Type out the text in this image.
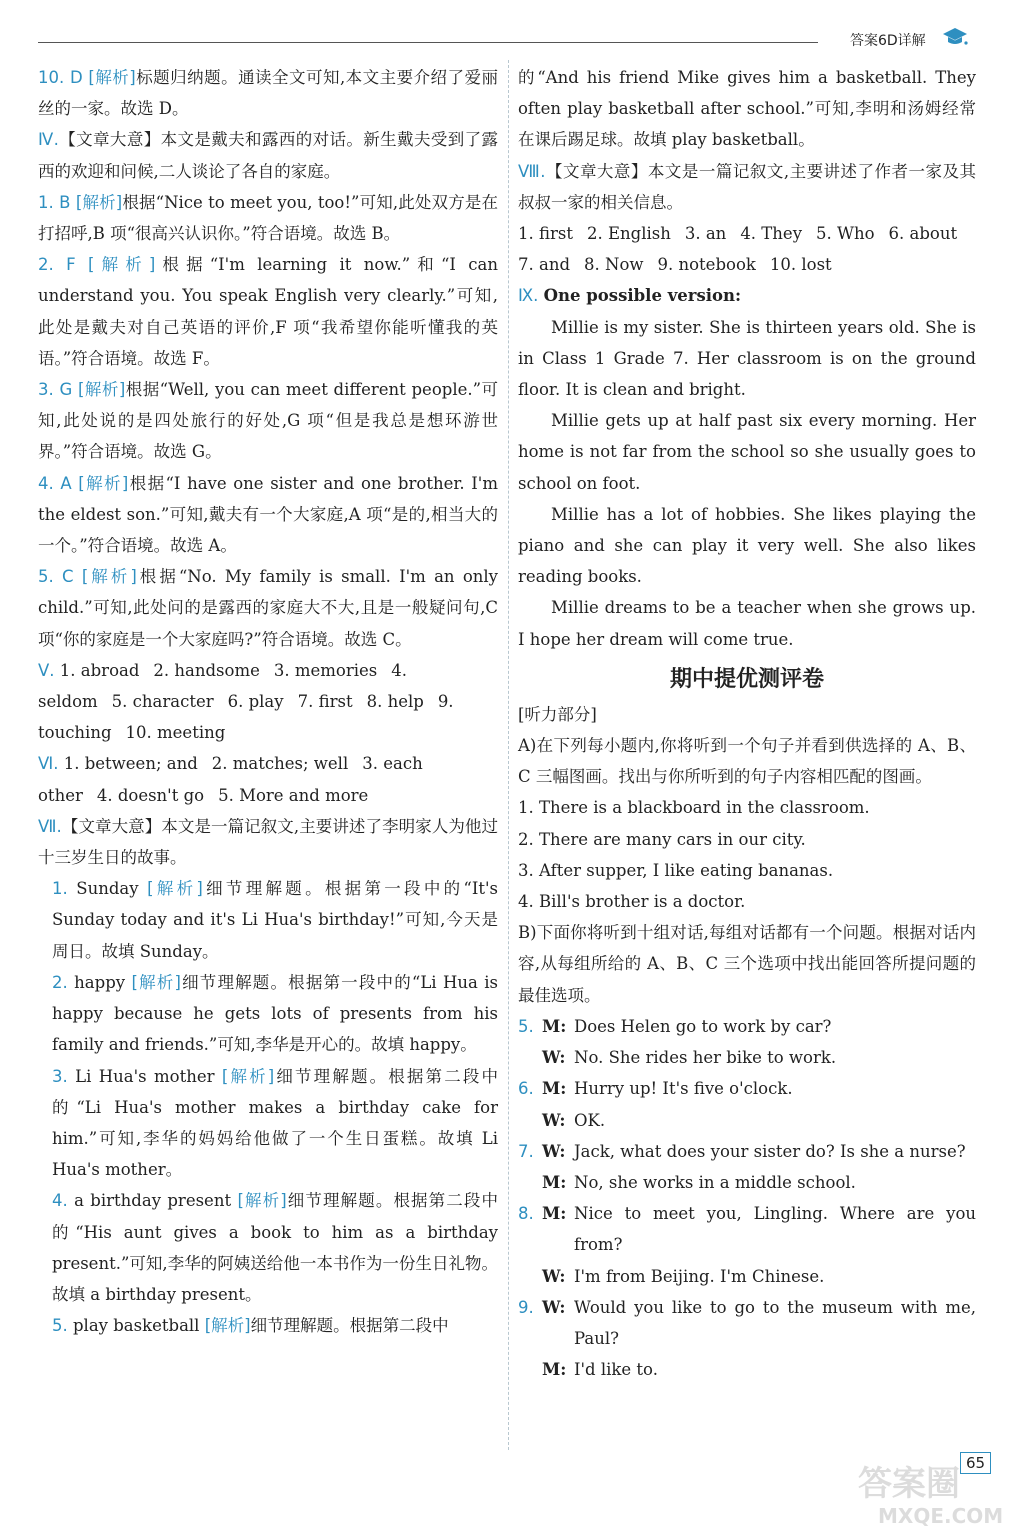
答案6D详解

10. D [解析]标题归纳题。通读全文可知,本文主要介绍了爱丽丝的一家。故选 D。

Ⅳ.【文章大意】本文是戴夫和露西的对话。新生戴夫受到了露西的欢迎和问候,二人谈论了各自的家庭。

1. B [解析]根据“Nice to meet you, too!”可知,此处双方是在打招呼,B 项“很高兴认识你。”符合语境。故选 B。

2. F [解析]根据“I'm learning it now.”和“I can understand you. You speak English very clearly.”可知,此处是戴夫对自己英语的评价,F 项“我希望你能听懂我的英语。”符合语境。故选 F。

3. G [解析]根据“Well, you can meet different people.”可知,此处说的是四处旅行的好处,G 项“但是我总是想环游世界。”符合语境。故选 G。

4. A [解析]根据“I have one sister and one brother. I'm the eldest son.”可知,戴夫有一个大家庭,A 项“是的,相当大的一个。”符合语境。故选 A。

5. C [解析]根据“No. My family is small. I'm an only child.”可知,此处问的是露西的家庭大不大,且是一般疑问句,C 项“你的家庭是一个大家庭吗?”符合语境。故选 C。

Ⅴ. 1. abroad 2. handsome 3. memories 4. seldom 5. character 6. play 7. first 8. help 9. touching 10. meeting
Ⅵ. 1. between; and 2. matches; well 3. each other 4. doesn't go 5. More and more

Ⅶ.【文章大意】本文是一篇记叙文,主要讲述了李明家人为他过十三岁生日的故事。

1. Sunday [解析]细节理解题。根据第一段中的“It's Sunday today and it's Li Hua's birthday!”可知,今天是周日。故填 Sunday。

2. happy [解析]细节理解题。根据第一段中的“Li Hua is happy because he gets lots of presents from his family and friends.”可知,李华是开心的。故填 happy。

3. Li Hua's mother [解析]细节理解题。根据第二段中的“Li Hua's mother makes a birthday cake for him.”可知,李华的妈妈给他做了一个生日蛋糕。故填 Li Hua's mother。

4. a birthday present [解析]细节理解题。根据第二段中的“His aunt gives a book to him as a birthday present.”可知,李华的阿姨送给他一本书作为一份生日礼物。故填 a birthday present。

5. play basketball [解析]细节理解题。根据第二段中

的“And his friend Mike gives him a basketball. They often play basketball after school.”可知,李明和汤姆经常在课后踢足球。故填 play basketball。

Ⅷ.【文章大意】本文是一篇记叙文,主要讲述了作者一家及其叔叔一家的相关信息。

1. first 2. English 3. an 4. They 5. Who 6. about
7. and 8. Now 9. notebook 10. lost

Ⅸ. One possible version:

Millie is my sister. She is thirteen years old. She is in Class 1 Grade 7. Her classroom is on the ground floor. It is clean and bright.

Millie gets up at half past six every morning. Her home is not far from the school so she usually goes to school on foot.

Millie has a lot of hobbies. She likes playing the piano and she can play it very well. She also likes reading books.

Millie dreams to be a teacher when she grows up. I hope her dream will come true.

期中提优测评卷

[听力部分]

A)在下列每小题内,你将听到一个句子并看到供选择的 A、B、C 三幅图画。找出与你所听到的句子内容相匹配的图画。

1. There is a blackboard in the classroom.

2. There are many cars in our city.

3. After supper, I like eating bananas.

4. Bill's brother is a doctor.

B)下面你将听到十组对话,每组对话都有一个问题。根据对话内容,从每组所给的 A、B、C 三个选项中找出能回答所提问题的最佳选项。

5. M: Does Helen go to work by car?

W: No. She rides her bike to work.

6. M: Hurry up! It's five o'clock.

W: OK.

7. W: Jack, what does your sister do? Is she a nurse?

M: No, she works in a middle school.

8. M: Nice to meet you, Lingling. Where are you from?

W: I'm from Beijing. I'm Chinese.

9. W: Would you like to go to the museum with me, Paul?

M: I'd like to.

65
答案圈
MXQE.COM
